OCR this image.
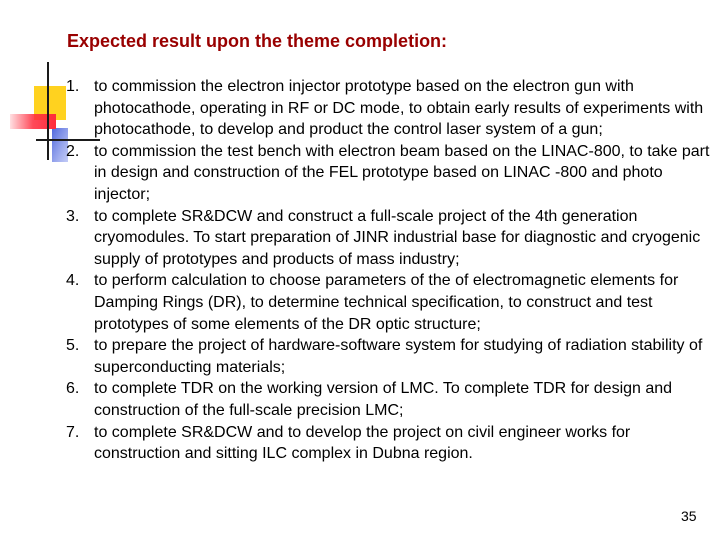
Expected result upon the theme completion:
1. to commission the electron injector prototype based on the electron gun with photocathode, operating in RF or DC mode, to obtain early results of experiments with photocathode, to develop and product the control laser system of a gun;
2. to commission the test bench with electron beam based on the LINAC-800, to take part in design and construction of the FEL prototype based on LINAC -800 and photo injector;
3. to complete SR&DCW and construct a full-scale project of the 4th generation cryomodules. To start preparation of JINR industrial base for diagnostic and cryogenic supply of prototypes and products of mass industry;
4. to perform calculation to choose parameters of the of electromagnetic elements for Damping Rings (DR), to determine technical specification, to construct and test prototypes of some elements of the DR optic structure;
5. to prepare the project of hardware-software system for studying of radiation stability of superconducting materials;
6. to complete TDR on the working version of LMC. To complete TDR for design and construction of the full-scale precision LMC;
7. to complete SR&DCW and to develop the project on civil engineer works for construction and sitting ILC complex in Dubna region.
35
